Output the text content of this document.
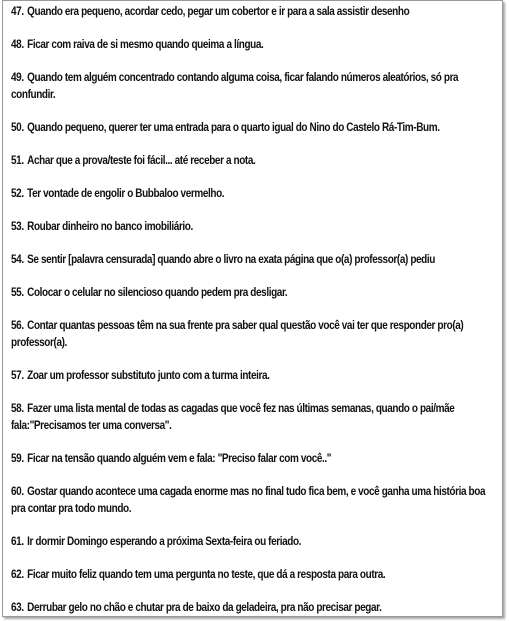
47. Quando era pequeno, acordar cedo, pegar um cobertor e ir para a sala assistir desenho
48. Ficar com raiva de si mesmo quando queima a língua.
49. Quando tem alguém concentrado contando alguma coisa, ficar falando números aleatórios, só pra confundir.
50. Quando pequeno, querer ter uma entrada para o quarto igual do Nino do Castelo Rá-Tim-Bum.
51. Achar que a prova/teste foi fácil... até receber a nota.
52. Ter vontade de engolir o Bubbaloo vermelho.
53. Roubar dinheiro no banco imobiliário.
54. Se sentir [palavra censurada] quando abre o livro na exata página que o(a) professor(a) pediu
55. Colocar o celular no silencioso quando pedem pra desligar.
56. Contar quantas pessoas têm na sua frente pra saber qual questão você vai ter que responder pro(a) professor(a).
57. Zoar um professor substituto junto com a turma inteira.
58. Fazer uma lista mental de todas as cagadas que você fez nas últimas semanas, quando o pai/mãe fala:"Precisamos ter uma conversa".
59. Ficar na tensão quando alguém vem e fala: "Preciso falar com você.."
60. Gostar quando acontece uma cagada enorme mas no final tudo fica bem, e você ganha uma história boa pra contar pra todo mundo.
61. Ir dormir Domingo esperando a próxima Sexta-feira ou feriado.
62. Ficar muito feliz quando tem uma pergunta no teste, que dá a resposta para outra.
63. Derrubar gelo no chão e chutar pra de baixo da geladeira, pra não precisar pegar.
